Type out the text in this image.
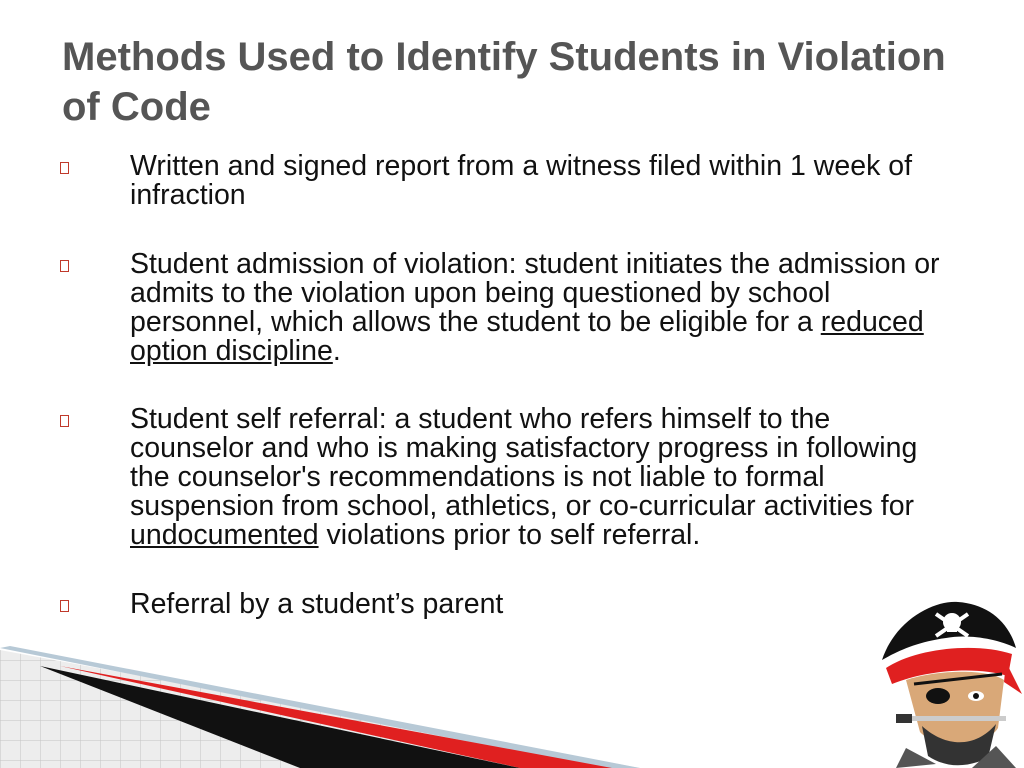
Methods Used to Identify Students in Violation of Code
Written and signed report from a witness filed within 1 week of infraction
Student admission of violation: student initiates the admission or admits to the violation upon being questioned by school personnel, which allows the student to be eligible for a reduced option discipline.
Student self referral: a student who refers himself to the counselor and who is making satisfactory progress in following the counselor's recommendations is not liable to formal suspension from school, athletics, or co-curricular activities for undocumented violations prior to self referral.
Referral by a student’s parent
